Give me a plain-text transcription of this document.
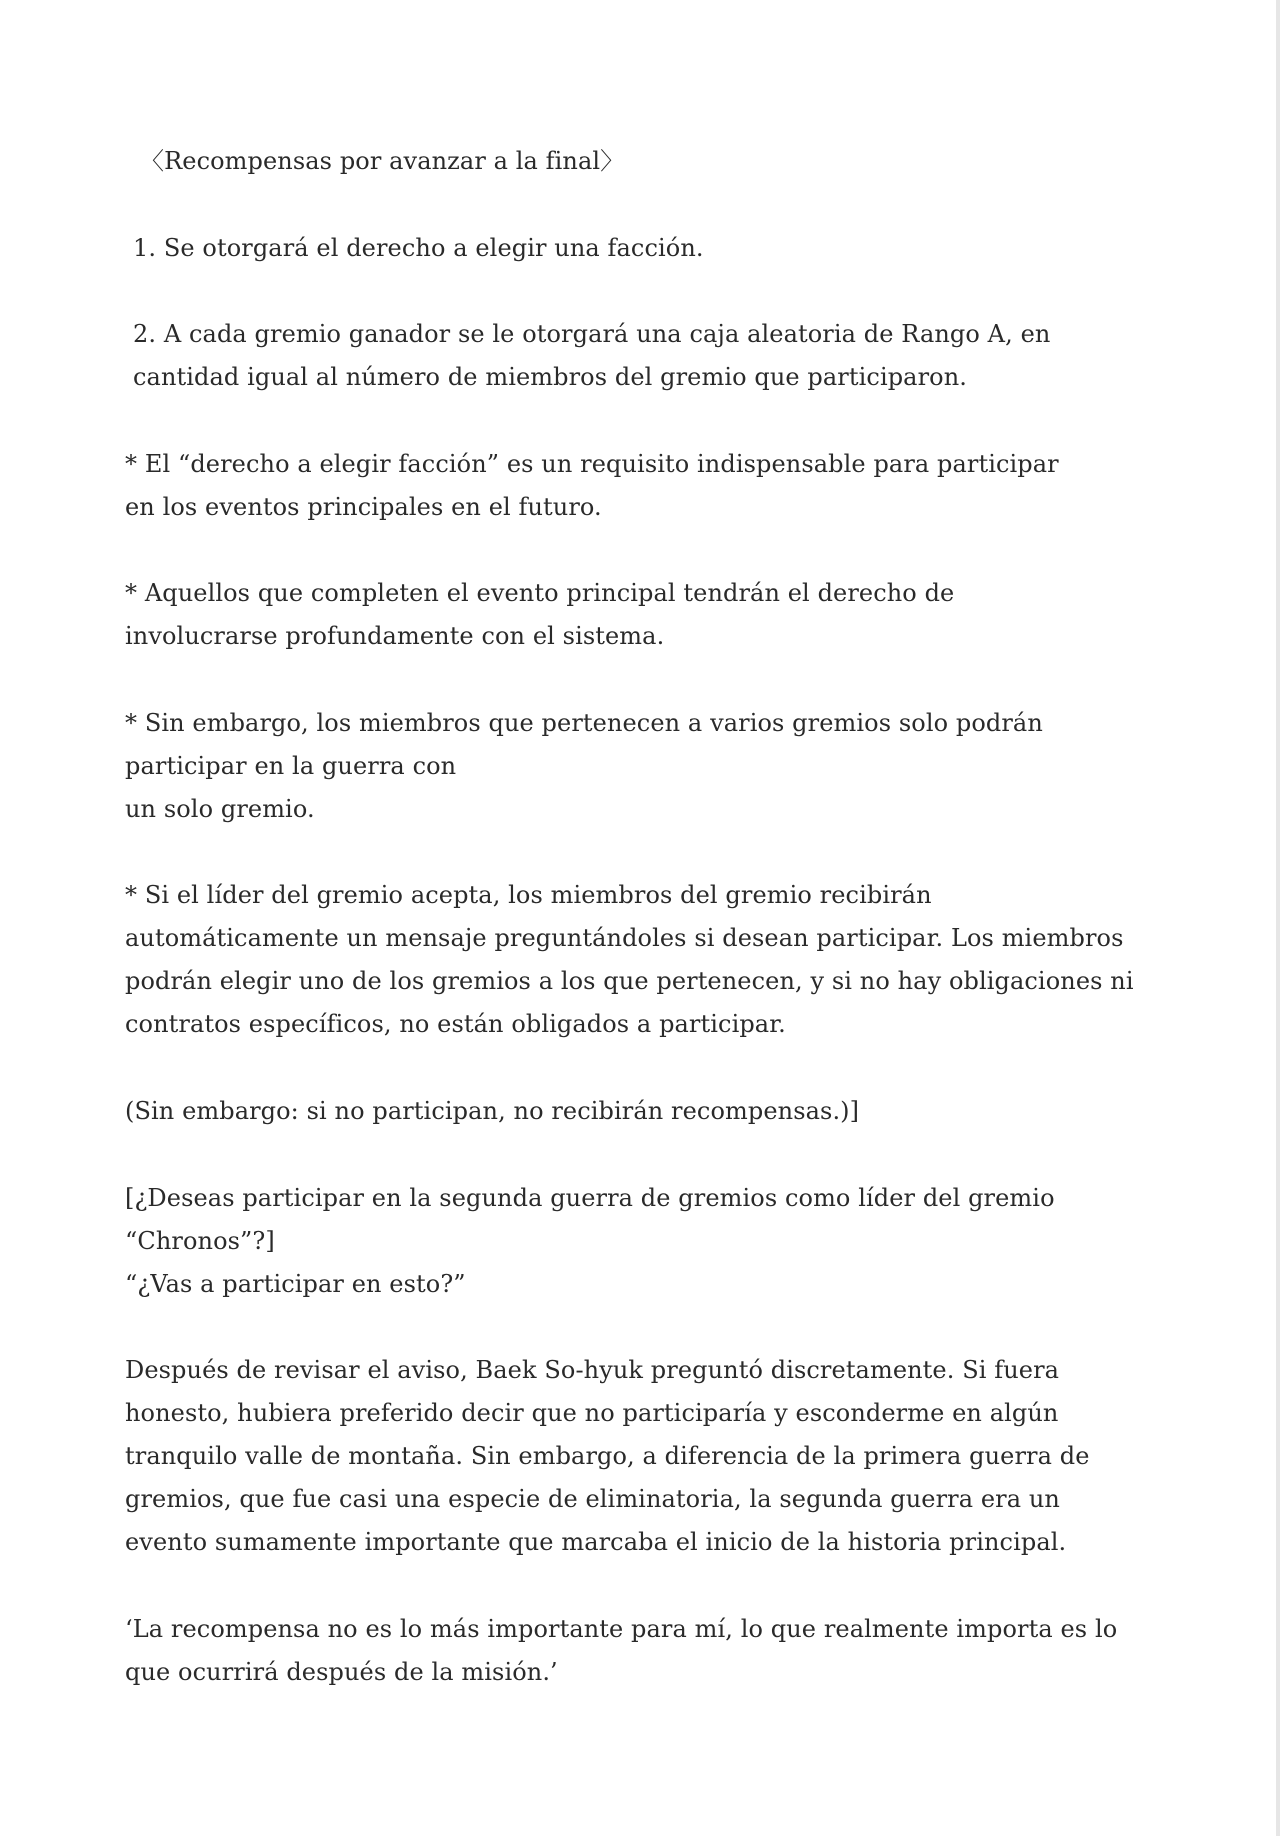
〈Recompensas por avanzar a la final〉

1. Se otorgará el derecho a elegir una facción.

2. A cada gremio ganador se le otorgará una caja aleatoria de Rango A, en cantidad igual al número de miembros del gremio que participaron.

* El “derecho a elegir facción” es un requisito indispensable para participar en los eventos principales en el futuro.

* Aquellos que completen el evento principal tendrán el derecho de involucrarse profundamente con el sistema.

* Sin embargo, los miembros que pertenecen a varios gremios solo podrán participar en la guerra con
un solo gremio.

* Si el líder del gremio acepta, los miembros del gremio recibirán automáticamente un mensaje preguntándoles si desean participar. Los miembros podrán elegir uno de los gremios a los que pertenecen, y si no hay obligaciones ni contratos específicos, no están obligados a participar.

(Sin embargo: si no participan, no recibirán recompensas.)]

[¿Deseas participar en la segunda guerra de gremios como líder del gremio “Chronos”?]

“¿Vas a participar en esto?”

Después de revisar el aviso, Baek So-hyuk preguntó discretamente. Si fuera honesto, hubiera preferido decir que no participaría y esconderme en algún tranquilo valle de montaña. Sin embargo, a diferencia de la primera guerra de gremios, que fue casi una especie de eliminatoria, la segunda guerra era un evento sumamente importante que marcaba el inicio de la historia principal.

‘La recompensa no es lo más importante para mí, lo que realmente importa es lo que ocurrirá después de la misión.’
